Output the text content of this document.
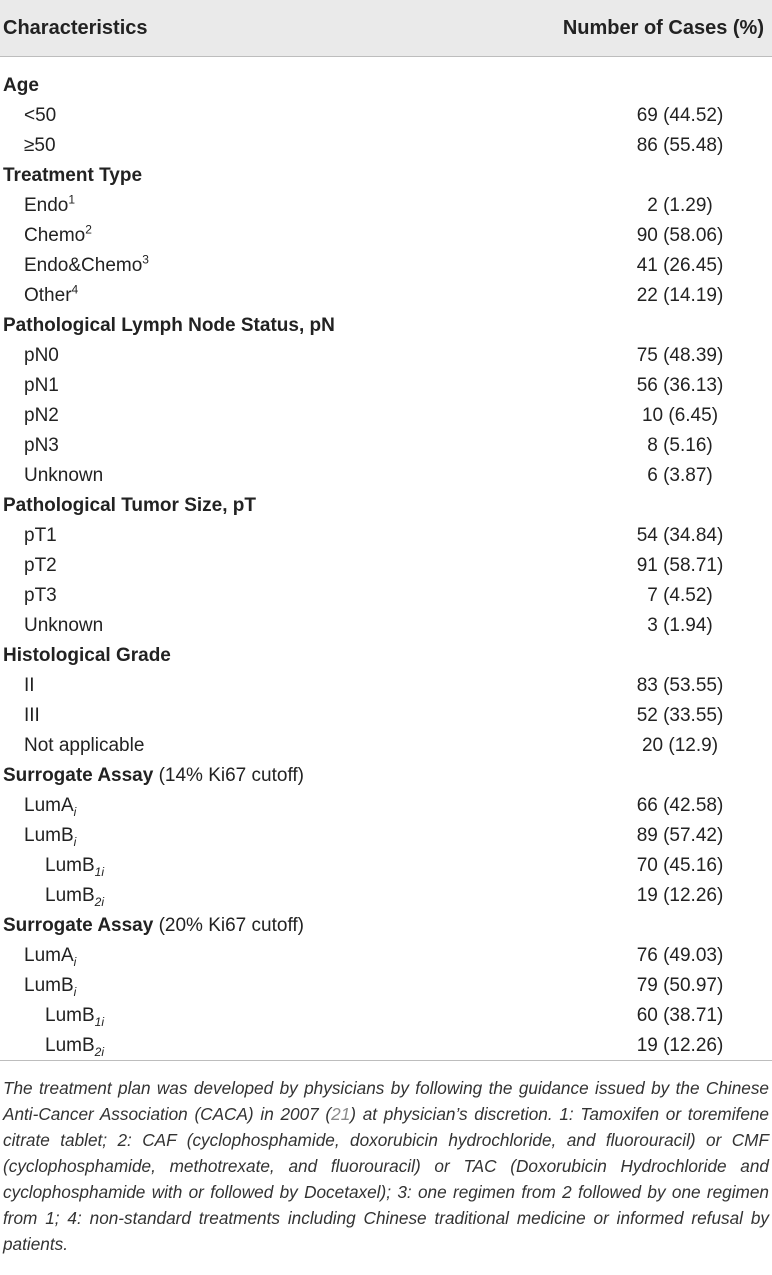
Characteristics	Number of Cases (%)
Age
<50	69 (44.52)
≥50	86 (55.48)
Treatment Type
Endo$^1$	2 (1.29)
Chemo$^2$	90 (58.06)
Endo&Chemo$^3$	41 (26.45)
Other$^4$	22 (14.19)
Pathological Lymph Node Status, pN
pN0	75 (48.39)
pN1	56 (36.13)
pN2	10 (6.45)
pN3	8 (5.16)
Unknown	6 (3.87)
Pathological Tumor Size, pT
pT1	54 (34.84)
pT2	91 (58.71)
pT3	7 (4.52)
Unknown	3 (1.94)
Histological Grade
II	83 (53.55)
III	52 (33.55)
Not applicable	20 (12.9)
Surrogate Assay (14% Ki67 cutoff)
LumA$_i$	66 (42.58)
LumB$_i$	89 (57.42)
LumB$_{1i}$	70 (45.16)
LumB$_{2i}$	19 (12.26)
Surrogate Assay (20% Ki67 cutoff)
LumA$_i$	76 (49.03)
LumB$_i$	79 (50.97)
LumB$_{1i}$	60 (38.71)
LumB$_{2i}$	19 (12.26)
The treatment plan was developed by physicians by following the guidance issued by the Chinese Anti-Cancer Association (CACA) in 2007 (21) at physician’s discretion. 1: Tamoxifen or toremifene citrate tablet; 2: CAF (cyclophosphamide, doxorubicin hydrochloride, and fluorouracil) or CMF (cyclophosphamide, methotrexate, and fluorouracil) or TAC (Doxorubicin Hydrochloride and cyclophosphamide with or followed by Docetaxel); 3: one regimen from 2 followed by one regimen from 1; 4: non-standard treatments including Chinese traditional medicine or informed refusal by patients.
